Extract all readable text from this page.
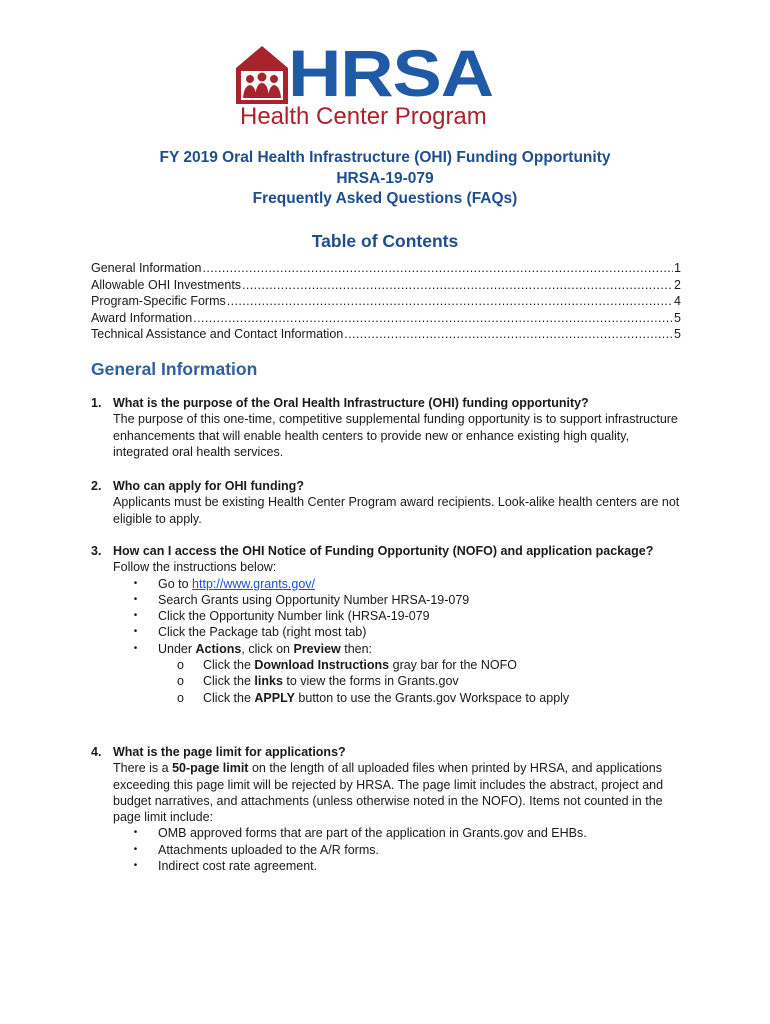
HRSA
Health Center Program
FY 2019 Oral Health Infrastructure (OHI) Funding Opportunity
HRSA-19-079
Frequently Asked Questions (FAQs)
Table of Contents
General Information .....	1
Allowable OHI Investments .....	2
Program-Specific Forms .....	4
Award Information .....	5
Technical Assistance and Contact Information .....	5
General Information
1. What is the purpose of the Oral Health Infrastructure (OHI) funding opportunity?
The purpose of this one-time, competitive supplemental funding opportunity is to support infrastructure enhancements that will enable health centers to provide new or enhance existing high quality, integrated oral health services.
2. Who can apply for OHI funding?
Applicants must be existing Health Center Program award recipients. Look-alike health centers are not eligible to apply.
3. How can I access the OHI Notice of Funding Opportunity (NOFO) and application package?
Follow the instructions below:
•	Go to http://www.grants.gov/
•	Search Grants using Opportunity Number HRSA-19-079
•	Click the Opportunity Number link (HRSA-19-079
•	Click the Package tab (right most tab)
•	Under Actions, click on Preview then:
o	Click the Download Instructions gray bar for the NOFO
o	Click the links to view the forms in Grants.gov
o	Click the APPLY button to use the Grants.gov Workspace to apply
4. What is the page limit for applications?
There is a 50-page limit on the length of all uploaded files when printed by HRSA, and applications exceeding this page limit will be rejected by HRSA. The page limit includes the abstract, project and budget narratives, and attachments (unless otherwise noted in the NOFO). Items not counted in the page limit include:
•	OMB approved forms that are part of the application in Grants.gov and EHBs.
•	Attachments uploaded to the A/R forms.
•	Indirect cost rate agreement.
